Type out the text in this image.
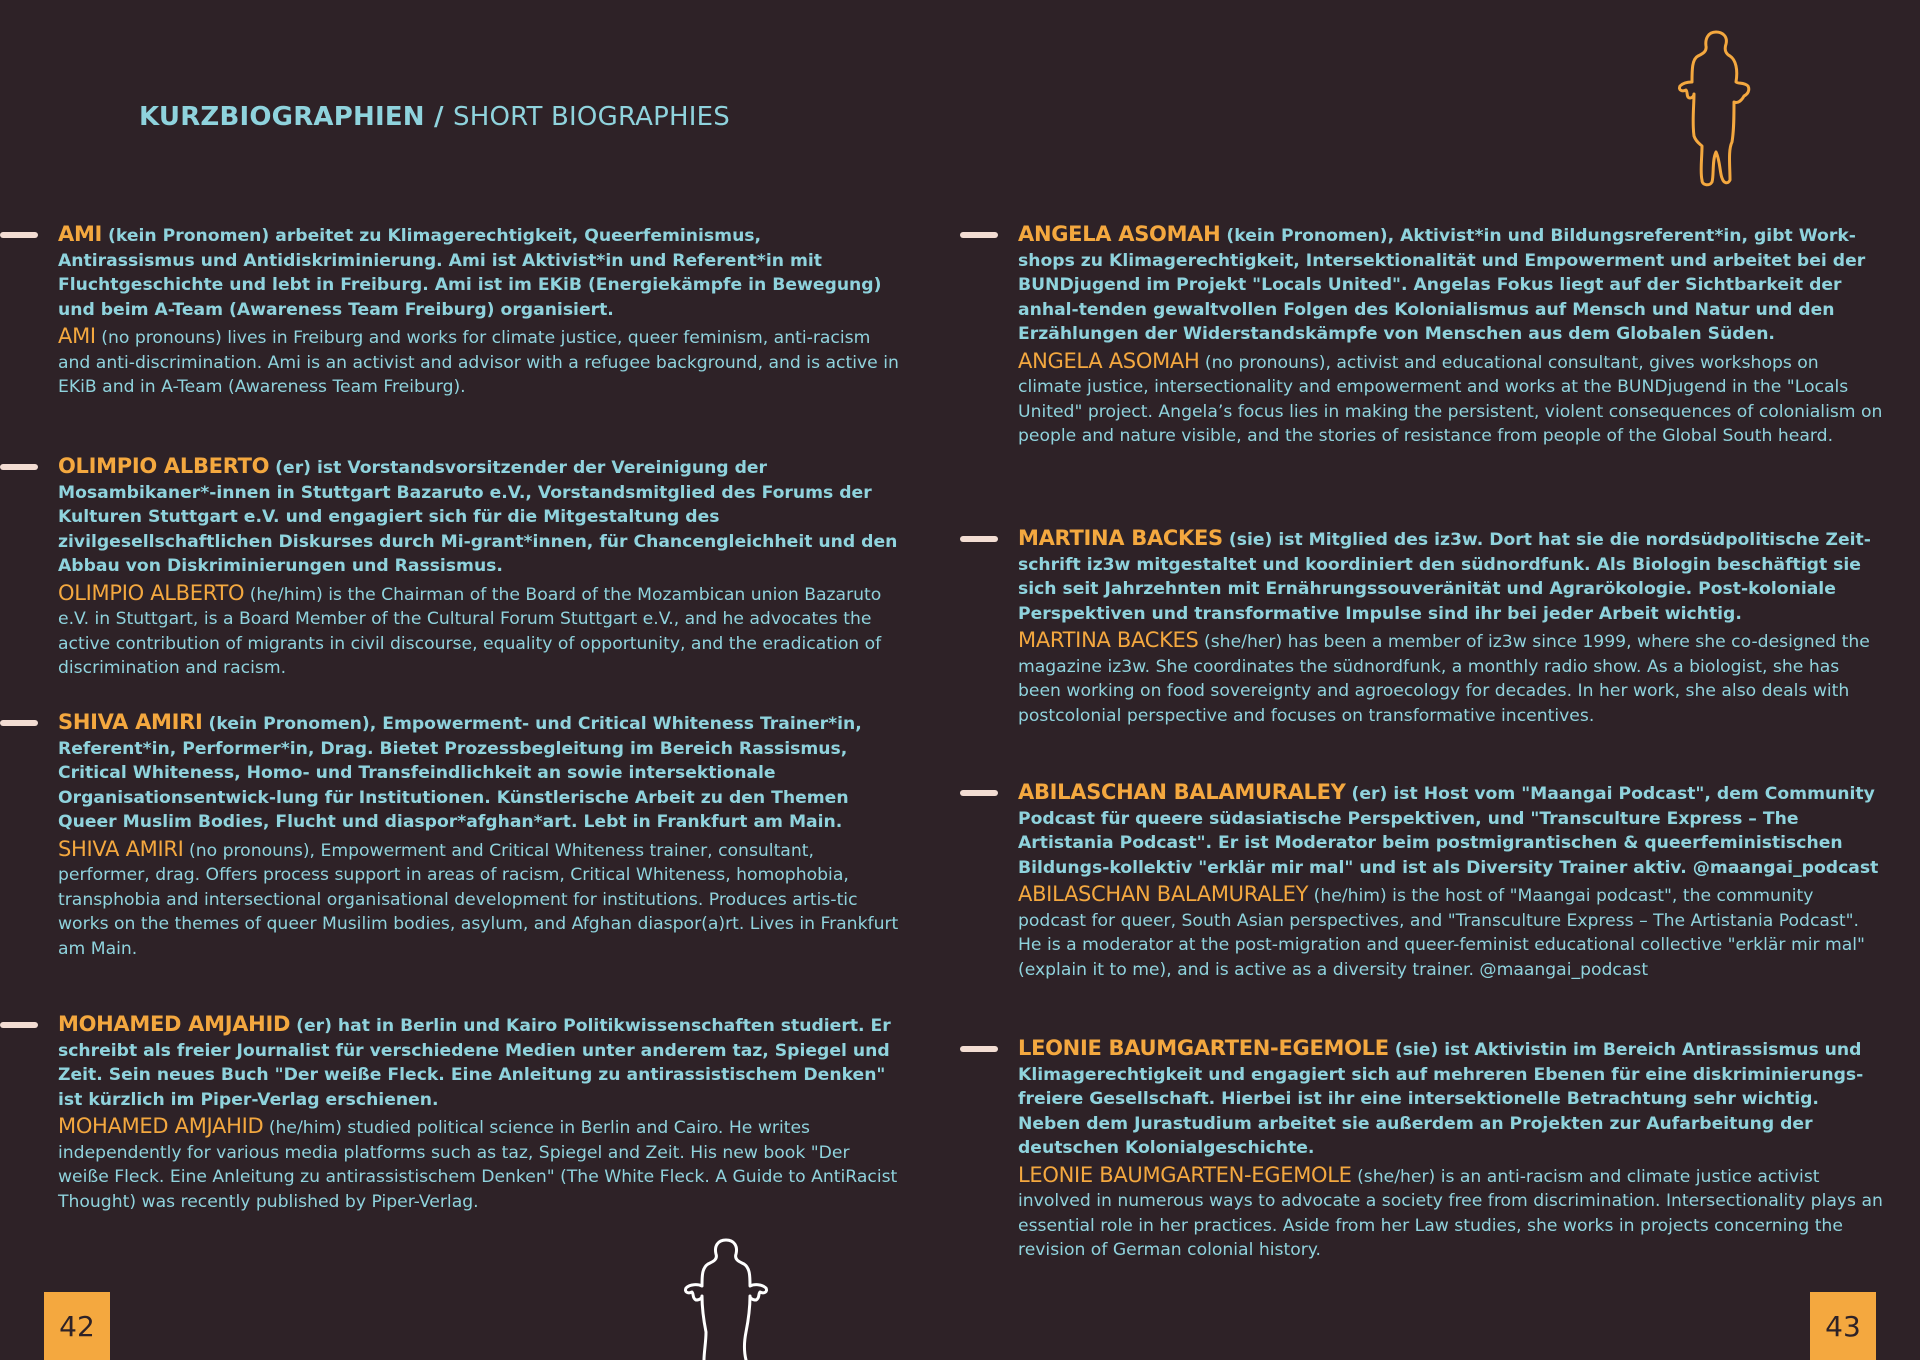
KURZBIOGRAPHIEN / SHORT BIOGRAPHIES

AMI (kein Pronomen) arbeitet zu Klimagerechtigkeit, Queerfeminismus, Antirassismus und Antidiskriminierung. Ami ist Aktivist*in und Referent*in mit Fluchtgeschichte und lebt in Freiburg. Ami ist im EKiB (Energiekämpfe in Bewegung) und beim A-Team (Awareness Team Freiburg) organisiert.

AMI (no pronouns) lives in Freiburg and works for climate justice, queer feminism, anti-racism and anti-discrimination. Ami is an activist and advisor with a refugee background, and is active in EKiB and in A-Team (Awareness Team Freiburg).

OLIMPIO ALBERTO (er) ist Vorstandsvorsitzender der Vereinigung der Mosambikaner*-innen in Stuttgart Bazaruto e.V., Vorstandsmitglied des Forums der Kulturen Stuttgart e.V. und engagiert sich für die Mitgestaltung des zivilgesellschaftlichen Diskurses durch Mi-grant*innen, für Chancengleichheit und den Abbau von Diskriminierungen und Rassismus.

OLIMPIO ALBERTO (he/him) is the Chairman of the Board of the Mozambican union Bazaruto e.V. in Stuttgart, is a Board Member of the Cultural Forum Stuttgart e.V., and he advocates the active contribution of migrants in civil discourse, equality of opportunity, and the eradication of discrimination and racism.

SHIVA AMIRI (kein Pronomen), Empowerment- und Critical Whiteness Trainer*in, Referent*in, Performer*in, Drag. Bietet Prozessbegleitung im Bereich Rassismus, Critical Whiteness, Homo- und Transfeindlichkeit an sowie intersektionale Organisationsentwick-lung für Institutionen. Künstlerische Arbeit zu den Themen Queer Muslim Bodies, Flucht und diaspor*afghan*art. Lebt in Frankfurt am Main.

SHIVA AMIRI (no pronouns), Empowerment and Critical Whiteness trainer, consultant, performer, drag. Offers process support in areas of racism, Critical Whiteness, homophobia, transphobia and intersectional organisational development for institutions. Produces artis-tic works on the themes of queer Musilim bodies, asylum, and Afghan diaspor(a)rt. Lives in Frankfurt am Main.

MOHAMED AMJAHID (er) hat in Berlin und Kairo Politikwissenschaften studiert. Er schreibt als freier Journalist für verschiedene Medien unter anderem taz, Spiegel und Zeit. Sein neues Buch "Der weiße Fleck. Eine Anleitung zu antirassistischem Denken" ist kürzlich im Piper-Verlag erschienen.

MOHAMED AMJAHID (he/him) studied political science in Berlin and Cairo. He writes independently for various media platforms such as taz, Spiegel and Zeit. His new book "Der weiße Fleck. Eine Anleitung zu antirassistischem Denken" (The White Fleck. A Guide to AntiRacist Thought) was recently published by Piper-Verlag.

ANGELA ASOMAH (kein Pronomen), Aktivist*in und Bildungsreferent*in, gibt Work-shops zu Klimagerechtigkeit, Intersektionalität und Empowerment und arbeitet bei der BUNDjugend im Projekt "Locals United". Angelas Fokus liegt auf der Sichtbarkeit der anhal-tenden gewaltvollen Folgen des Kolonialismus auf Mensch und Natur und den Erzählungen der Widerstandskämpfe von Menschen aus dem Globalen Süden.

ANGELA ASOMAH (no pronouns), activist and educational consultant, gives workshops on climate justice, intersectionality and empowerment and works at the BUNDjugend in the "Locals United" project. Angela’s focus lies in making the persistent, violent consequences of colonialism on people and nature visible, and the stories of resistance from people of the Global South heard.

MARTINA BACKES (sie) ist Mitglied des iz3w. Dort hat sie die nordsüdpolitische Zeit-schrift iz3w mitgestaltet und koordiniert den südnordfunk. Als Biologin beschäftigt sie sich seit Jahrzehnten mit Ernährungssouveränität und Agrarökologie. Post-koloniale Perspektiven und transformative Impulse sind ihr bei jeder Arbeit wichtig.

MARTINA BACKES (she/her) has been a member of iz3w since 1999, where she co-designed the magazine iz3w. She coordinates the südnordfunk, a monthly radio show. As a biologist, she has been working on food sovereignty and agroecology for decades. In her work, she also deals with postcolonial perspective and focuses on transformative incentives.

ABILASCHAN BALAMURALEY (er) ist Host vom "Maangai Podcast", dem Community Podcast für queere südasiatische Perspektiven, und "Transculture Express – The Artistania Podcast". Er ist Moderator beim postmigrantischen & queerfeministischen Bildungs-kollektiv "erklär mir mal" und ist als Diversity Trainer aktiv. @maangai_podcast

ABILASCHAN BALAMURALEY (he/him) is the host of "Maangai podcast", the community podcast for queer, South Asian perspectives, and "Transculture Express – The Artistania Podcast". He is a moderator at the post-migration and queer-feminist educational collective "erklär mir mal" (explain it to me), and is active as a diversity trainer. @maangai_podcast

LEONIE BAUMGARTEN-EGEMOLE (sie) ist Aktivistin im Bereich Antirassismus und Klimagerechtigkeit und engagiert sich auf mehreren Ebenen für eine diskriminierungs-freiere Gesellschaft. Hierbei ist ihr eine intersektionelle Betrachtung sehr wichtig. Neben dem Jurastudium arbeitet sie außerdem an Projekten zur Aufarbeitung der deutschen Kolonialgeschichte.

LEONIE BAUMGARTEN-EGEMOLE (she/her) is an anti-racism and climate justice activist involved in numerous ways to advocate a society free from discrimination. Intersectionality plays an essential role in her practices. Aside from her Law studies, she works in projects concerning the revision of German colonial history.

42	43
